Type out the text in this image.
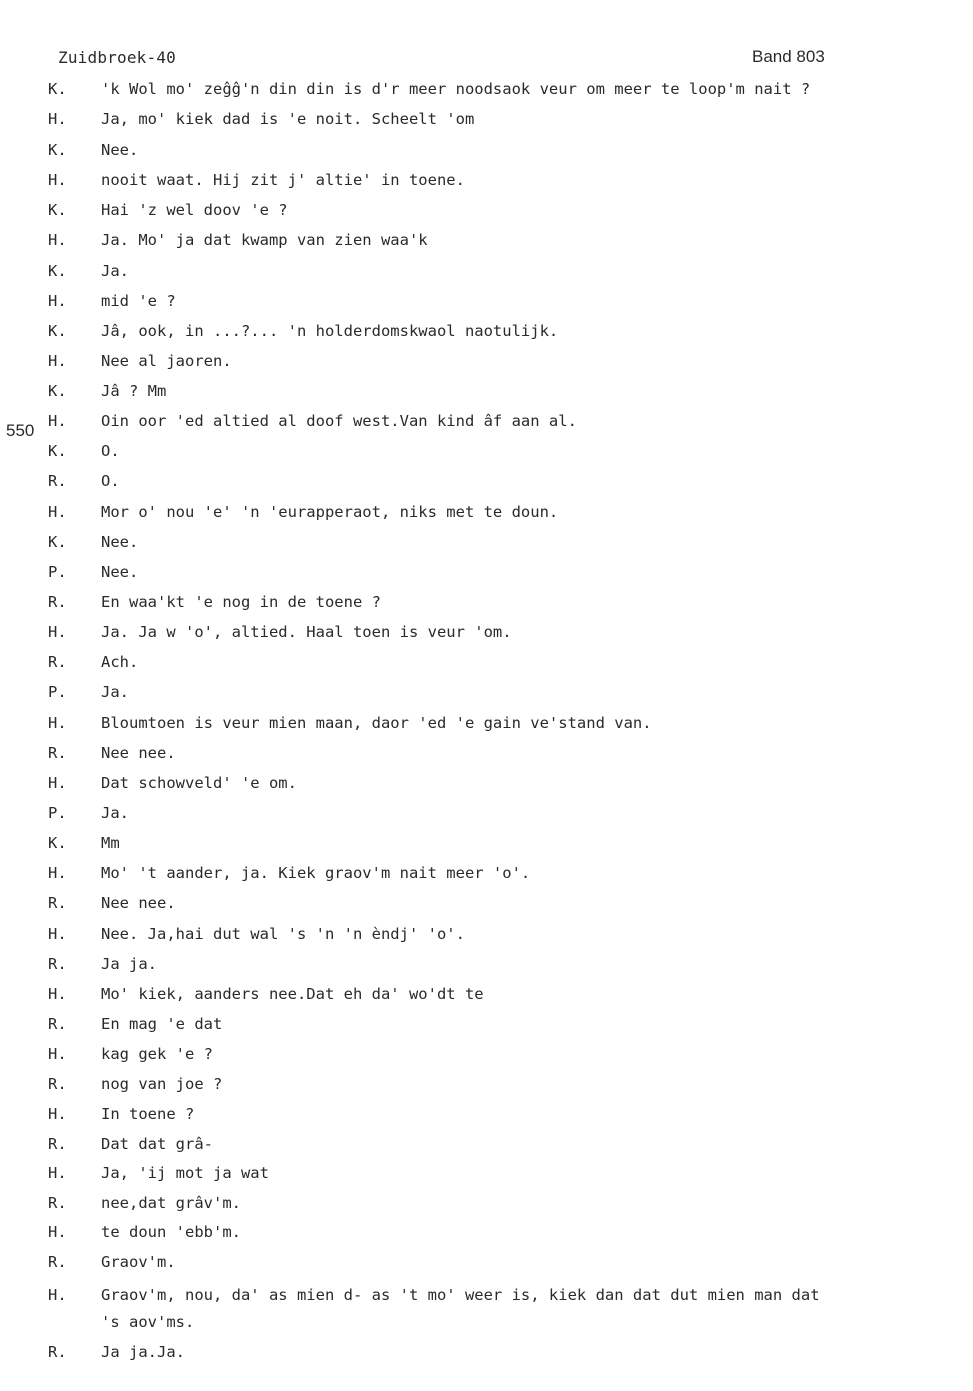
Zuidbroek-40	Band 803
550
K. 'k Wol mo' zeĝĝ'n din din is d'r meer noodsaok veur om meer te loop'm nait ?
H. Ja, mo' kiek dad is 'e noit. Scheelt 'om
K. Nee.
H. nooit waat. Hij zit j' altie' in toene.
K. Hai 'z wel doov 'e ?
H. Ja. Mo' ja dat kwamp van zien waa'k
K. Ja.
H. mid 'e ?
K. Jâ, ook, in ...?... 'n holderdomskwaol naotulijk.
H. Nee al jaoren.
K. Jâ ? Mm
H. Oin oor 'ed altied al doof west.Van kind âf aan al.
K. O.
R. O.
H. Mor o' nou 'e' 'n 'eurapperaot, niks met te doun.
K. Nee.
P. Nee.
R. En waa'kt 'e nog in de toene ?
H. Ja. Ja w 'o', altied. Haal toen is veur 'om.
R. Ach.
P. Ja.
H. Bloumtoen is veur mien maan, daor 'ed 'e gain ve'stand van.
R. Nee nee.
H. Dat schowveld' 'e om.
P. Ja.
K. Mm
H. Mo' 't aander, ja. Kiek graov'm nait meer 'o'.
R. Nee nee.
H. Nee. Ja,hai dut wal 's 'n 'n èndj' 'o'.
R. Ja ja.
H. Mo' kiek, aanders nee.Dat eh da' wo'dt te
R. En mag 'e dat
H. kag gek 'e ?
R. nog van joe ?
H. In toene ?
R. Dat dat grâ-
H. Ja, 'ij mot ja wat
R. nee,dat grâv'm.
H. te doun 'ebb'm.
R. Graov'm.
H. Graov'm, nou, da' as mien d- as 't mo' weer is, kiek dan dat dut mien man dat
's aov'ms.
R. Ja ja.Ja.
